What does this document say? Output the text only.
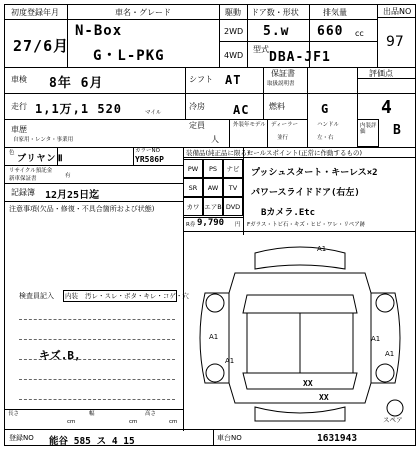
初度登録年月
27/6月
車名・グレード
N-Box
G・L-PKG
駆動
2WD
4WD
ドア数・形状
5.w
型式
DBA-JF1
排気量
660 cc
出品NO
97
車検 8年 6月	シフト AT	保証書
取扱説明書
評価点
4
走行 1,1万,1 520	マイル
冷房 AC 燃料	G
内装評価	B
車歴
自家用・レンタ・事業用
定員
人
外装年モデル ディーラー
並行
ハンドル
左・右
色
ブリヤンⅢ
カラーNO
YR586P
リサイクル預託金
有
新車保証書
記録簿 12月25日迄
注意事項(欠品・修復・不具合箇所および状態)
装備品(純正品に限る)
セールスポイント(正常に作動するもの)
PW	PS	ナビ
SR	AW	TV
カワ エアB DVD
R券 9,790 円 Fガラス・トビ石・キズ・ヒビ・ワレ・リペア跡
プッシュスタート・キーレス×2
パワースライドドア(右左)
Bカメラ.Etc
検査員記入 内装 汚レ・スレ・ボタ・キレ・コゲ・穴
キズ.B,
A1
A1
A1
A1
A1
XX
XX
スペア
長さ
cm
幅
cm
高さ
cm
登録NO 能谷 585 ス 4 15	車台NO	1631943
